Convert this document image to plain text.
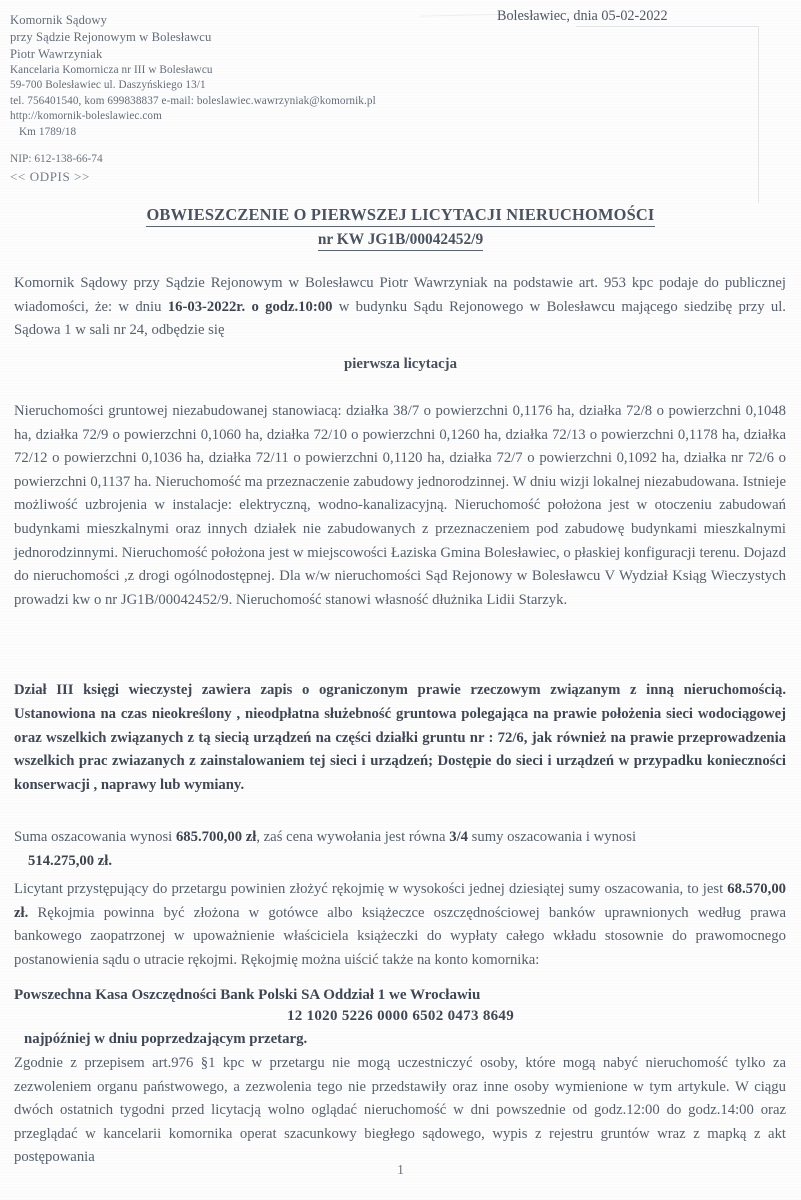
Komornik Sądowy
przy Sądzie Rejonowym w Bolesławcu
Piotr Wawrzyniak
Kancelaria Komornicza nr III w Bolesławcu
59-700 Bolesławiec ul. Daszyńskiego 13/1
tel. 756401540, kom 699838837 e-mail: boleslawiec.wawrzyniak@komornik.pl
http://komornik-boleslawiec.com
Km 1789/18
NIP: 612-138-66-74
<< ODPIS >>
Bolesławiec, dnia 05-02-2022
OBWIESZCZENIE O PIERWSZEJ LICYTACJI NIERUCHOMOŚCI
nr KW JG1B/00042452/9
Komornik Sądowy przy Sądzie Rejonowym w Bolesławcu Piotr Wawrzyniak na podstawie art. 953 kpc podaje do publicznej wiadomości, że: w dniu 16-03-2022r. o godz.10:00 w budynku Sądu Rejonowego w Bolesławcu mającego siedzibę przy ul. Sądowa 1 w sali nr 24, odbędzie się
pierwsza licytacja
Nieruchomości gruntowej niezabudowanej stanowiacą: działka 38/7 o powierzchni 0,1176 ha, działka 72/8 o powierzchni 0,1048 ha, działka 72/9 o powierzchni 0,1060 ha, działka 72/10 o powierzchni 0,1260 ha, działka 72/13 o powierzchni 0,1178 ha, działka 72/12 o powierzchni 0,1036 ha, działka 72/11 o powierzchni 0,1120 ha, działka 72/7 o powierzchni 0,1092 ha, działka nr 72/6 o powierzchni 0,1137 ha. Nieruchomość ma przeznaczenie zabudowy jednorodzinnej. W dniu wizji lokalnej niezabudowana. Istnieje możliwość uzbrojenia w instalacje: elektryczną, wodno-kanalizacyjną. Nieruchomość położona jest w otoczeniu zabudowań budynkami mieszkalnymi oraz innych działek nie zabudowanych z przeznaczeniem pod zabudowę budynkami mieszkalnymi jednorodzinnymi. Nieruchomość położona jest w miejscowości Łaziska Gmina Bolesławiec, o płaskiej konfiguracji terenu. Dojazd do nieruchomości ,z drogi ogólnodostępnej. Dla w/w nieruchomości Sąd Rejonowy w Bolesławcu V Wydział Ksiąg Wieczystych prowadzi kw o nr JG1B/00042452/9. Nieruchomość stanowi własność dłużnika Lidii Starzyk.
Dział III księgi wieczystej zawiera zapis o ograniczonym prawie rzeczowym związanym z inną nieruchomością. Ustanowiona na czas nieokreślony , nieodpłatna służebność gruntowa polegająca na prawie położenia sieci wodociągowej oraz wszelkich związanych z tą siecią urządzeń na części działki gruntu nr : 72/6, jak również na prawie przeprowadzenia wszelkich prac zwiazanych z zainstalowaniem tej sieci i urządzeń; Dostępie do sieci i urządzeń w przypadku konieczności konserwacji , naprawy lub wymiany.
Suma oszacowania wynosi 685.700,00 zł, zaś cena wywołania jest równa 3/4 sumy oszacowania i wynosi
514.275,00 zł.
Licytant przystępujący do przetargu powinien złożyć rękojmię w wysokości jednej dziesiątej sumy oszacowania, to jest 68.570,00 zł. Rękojmia powinna być złożona w gotówce albo książeczce oszczędnościowej banków uprawnionych według prawa bankowego zaopatrzonej w upoważnienie właściciela książeczki do wypłaty całego wkładu stosownie do prawomocnego postanowienia sądu o utracie rękojmi. Rękojmię można uiścić także na konto komornika:
Powszechna Kasa Oszczędności Bank Polski SA Oddział 1 we Wrocławiu
12 1020 5226 0000 6502 0473 8649
najpóźniej w dniu poprzedzającym przetarg.
Zgodnie z przepisem art.976 §1 kpc w przetargu nie mogą uczestniczyć osoby, które mogą nabyć nieruchomość tylko za zezwoleniem organu państwowego, a zezwolenia tego nie przedstawiły oraz inne osoby wymienione w tym artykule. W ciągu dwóch ostatnich tygodni przed licytacją wolno oglądać nieruchomość w dni powszednie od godz.12:00 do godz.14:00 oraz przeglądać w kancelarii komornika operat szacunkowy biegłego sądowego, wypis z rejestru gruntów wraz z mapką z akt postępowania
1
